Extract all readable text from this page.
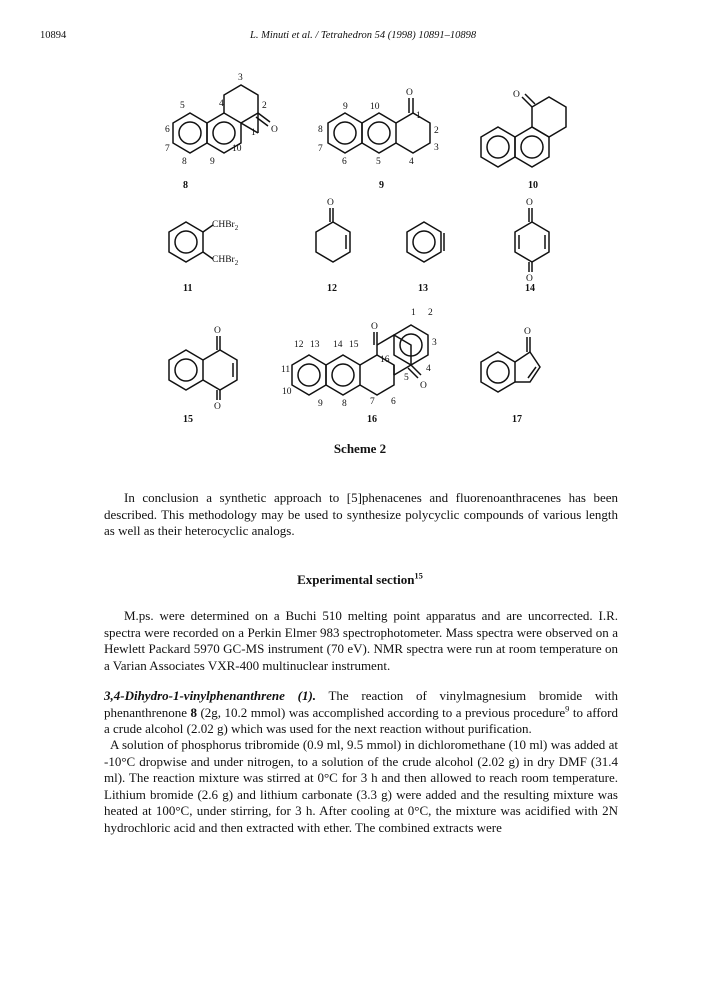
10894	L. Minuti et al. / Tetrahedron 54 (1998) 10891–10898
O
1
2
3
4
5
6
7
8 9
10
8
O
1
2
3
4
5
6
7
8
9 10
9
O
10
CHBr$_2$
CHBr$_2$
11
O
12	13
O
O
14
O
O
15
O
O
1 2
3
4
5
6
7
8
9
10
11
12 13 14 15
16
16
O
17
Scheme 2

In conclusion a synthetic approach to [5]phenacenes and fluorenoanthracenes has been described. This methodology may be used to synthesize polycyclic compounds of various length as well as their heterocyclic analogs.

Experimental section$^{15}$

M.ps. were determined on a Buchi 510 melting point apparatus and are uncorrected. I.R. spectra were recorded on a Perkin Elmer 983 spectrophotometer. Mass spectra were observed on a Hewlett Packard 5970 GC-MS instrument (70 eV). NMR spectra were run at room temperature on a Varian Associates VXR-400 multinuclear instrument.

3,4-Dihydro-1-vinylphenanthrene (1). The reaction of vinylmagnesium bromide with phenanthrenone 8 (2g, 10.2 mmol) was accomplished according to a previous procedure$^9$ to afford a crude alcohol (2.02 g) which was used for the next reaction without purification.

A solution of phosphorus tribromide (0.9 ml, 9.5 mmol) in dichloromethane (10 ml) was added at -10°C dropwise and under nitrogen, to a solution of the crude alcohol (2.02 g) in dry DMF (31.4 ml). The reaction mixture was stirred at 0°C for 3 h and then allowed to reach room temperature. Lithium bromide (2.6 g) and lithium carbonate (3.3 g) were added and the resulting mixture was heated at 100°C, under stirring, for 3 h. After cooling at 0°C, the mixture was acidified with 2N hydrochloric acid and then extracted with ether. The combined extracts were
